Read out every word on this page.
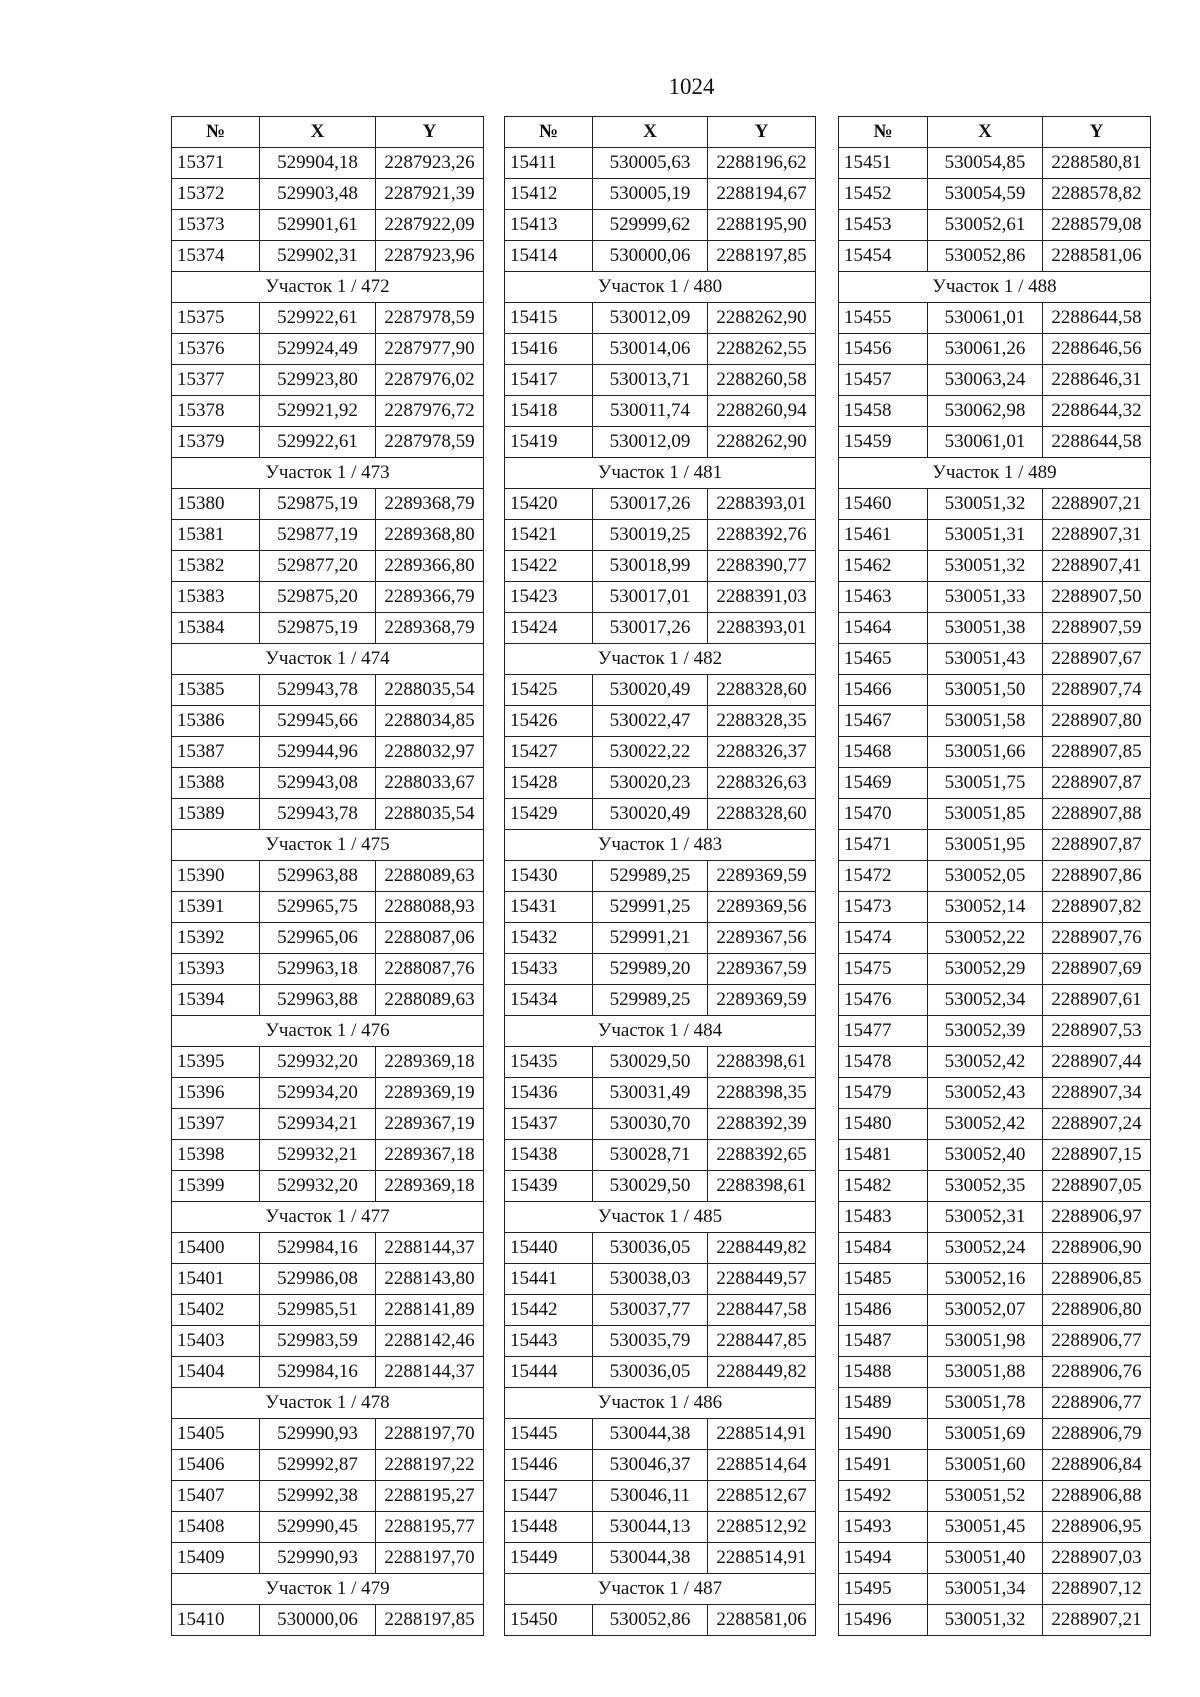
1024
№	X	Y
15371	529904,18	2287923,26
15372	529903,48	2287921,39
15373	529901,61	2287922,09
15374	529902,31	2287923,96
Участок 1 / 472		
15375	529922,61	2287978,59
15376	529924,49	2287977,90
15377	529923,80	2287976,02
15378	529921,92	2287976,72
15379	529922,61	2287978,59
Участок 1 / 473		
15380	529875,19	2289368,79
15381	529877,19	2289368,80
15382	529877,20	2289366,80
15383	529875,20	2289366,79
15384	529875,19	2289368,79
Участок 1 / 474		
15385	529943,78	2288035,54
15386	529945,66	2288034,85
15387	529944,96	2288032,97
15388	529943,08	2288033,67
15389	529943,78	2288035,54
Участок 1 / 475		
15390	529963,88	2288089,63
15391	529965,75	2288088,93
15392	529965,06	2288087,06
15393	529963,18	2288087,76
15394	529963,88	2288089,63
Участок 1 / 476		
15395	529932,20	2289369,18
15396	529934,20	2289369,19
15397	529934,21	2289367,19
15398	529932,21	2289367,18
15399	529932,20	2289369,18
Участок 1 / 477		
15400	529984,16	2288144,37
15401	529986,08	2288143,80
15402	529985,51	2288141,89
15403	529983,59	2288142,46
15404	529984,16	2288144,37
Участок 1 / 478		
15405	529990,93	2288197,70
15406	529992,87	2288197,22
15407	529992,38	2288195,27
15408	529990,45	2288195,77
15409	529990,93	2288197,70
Участок 1 / 479		
15410	530000,06	2288197,85
№	X	Y
15411	530005,63	2288196,62
15412	530005,19	2288194,67
15413	529999,62	2288195,90
15414	530000,06	2288197,85
Участок 1 / 480		
15415	530012,09	2288262,90
15416	530014,06	2288262,55
15417	530013,71	2288260,58
15418	530011,74	2288260,94
15419	530012,09	2288262,90
Участок 1 / 481		
15420	530017,26	2288393,01
15421	530019,25	2288392,76
15422	530018,99	2288390,77
15423	530017,01	2288391,03
15424	530017,26	2288393,01
Участок 1 / 482		
15425	530020,49	2288328,60
15426	530022,47	2288328,35
15427	530022,22	2288326,37
15428	530020,23	2288326,63
15429	530020,49	2288328,60
Участок 1 / 483		
15430	529989,25	2289369,59
15431	529991,25	2289369,56
15432	529991,21	2289367,56
15433	529989,20	2289367,59
15434	529989,25	2289369,59
Участок 1 / 484		
15435	530029,50	2288398,61
15436	530031,49	2288398,35
15437	530030,70	2288392,39
15438	530028,71	2288392,65
15439	530029,50	2288398,61
Участок 1 / 485		
15440	530036,05	2288449,82
15441	530038,03	2288449,57
15442	530037,77	2288447,58
15443	530035,79	2288447,85
15444	530036,05	2288449,82
Участок 1 / 486		
15445	530044,38	2288514,91
15446	530046,37	2288514,64
15447	530046,11	2288512,67
15448	530044,13	2288512,92
15449	530044,38	2288514,91
Участок 1 / 487		
15450	530052,86	2288581,06
№	X	Y
15451	530054,85	2288580,81
15452	530054,59	2288578,82
15453	530052,61	2288579,08
15454	530052,86	2288581,06
Участок 1 / 488		
15455	530061,01	2288644,58
15456	530061,26	2288646,56
15457	530063,24	2288646,31
15458	530062,98	2288644,32
15459	530061,01	2288644,58
Участок 1 / 489		
15460	530051,32	2288907,21
15461	530051,31	2288907,31
15462	530051,32	2288907,41
15463	530051,33	2288907,50
15464	530051,38	2288907,59
15465	530051,43	2288907,67
15466	530051,50	2288907,74
15467	530051,58	2288907,80
15468	530051,66	2288907,85
15469	530051,75	2288907,87
15470	530051,85	2288907,88
15471	530051,95	2288907,87
15472	530052,05	2288907,86
15473	530052,14	2288907,82
15474	530052,22	2288907,76
15475	530052,29	2288907,69
15476	530052,34	2288907,61
15477	530052,39	2288907,53
15478	530052,42	2288907,44
15479	530052,43	2288907,34
15480	530052,42	2288907,24
15481	530052,40	2288907,15
15482	530052,35	2288907,05
15483	530052,31	2288906,97
15484	530052,24	2288906,90
15485	530052,16	2288906,85
15486	530052,07	2288906,80
15487	530051,98	2288906,77
15488	530051,88	2288906,76
15489	530051,78	2288906,77
15490	530051,69	2288906,79
15491	530051,60	2288906,84
15492	530051,52	2288906,88
15493	530051,45	2288906,95
15494	530051,40	2288907,03
15495	530051,34	2288907,12
15496	530051,32	2288907,21
